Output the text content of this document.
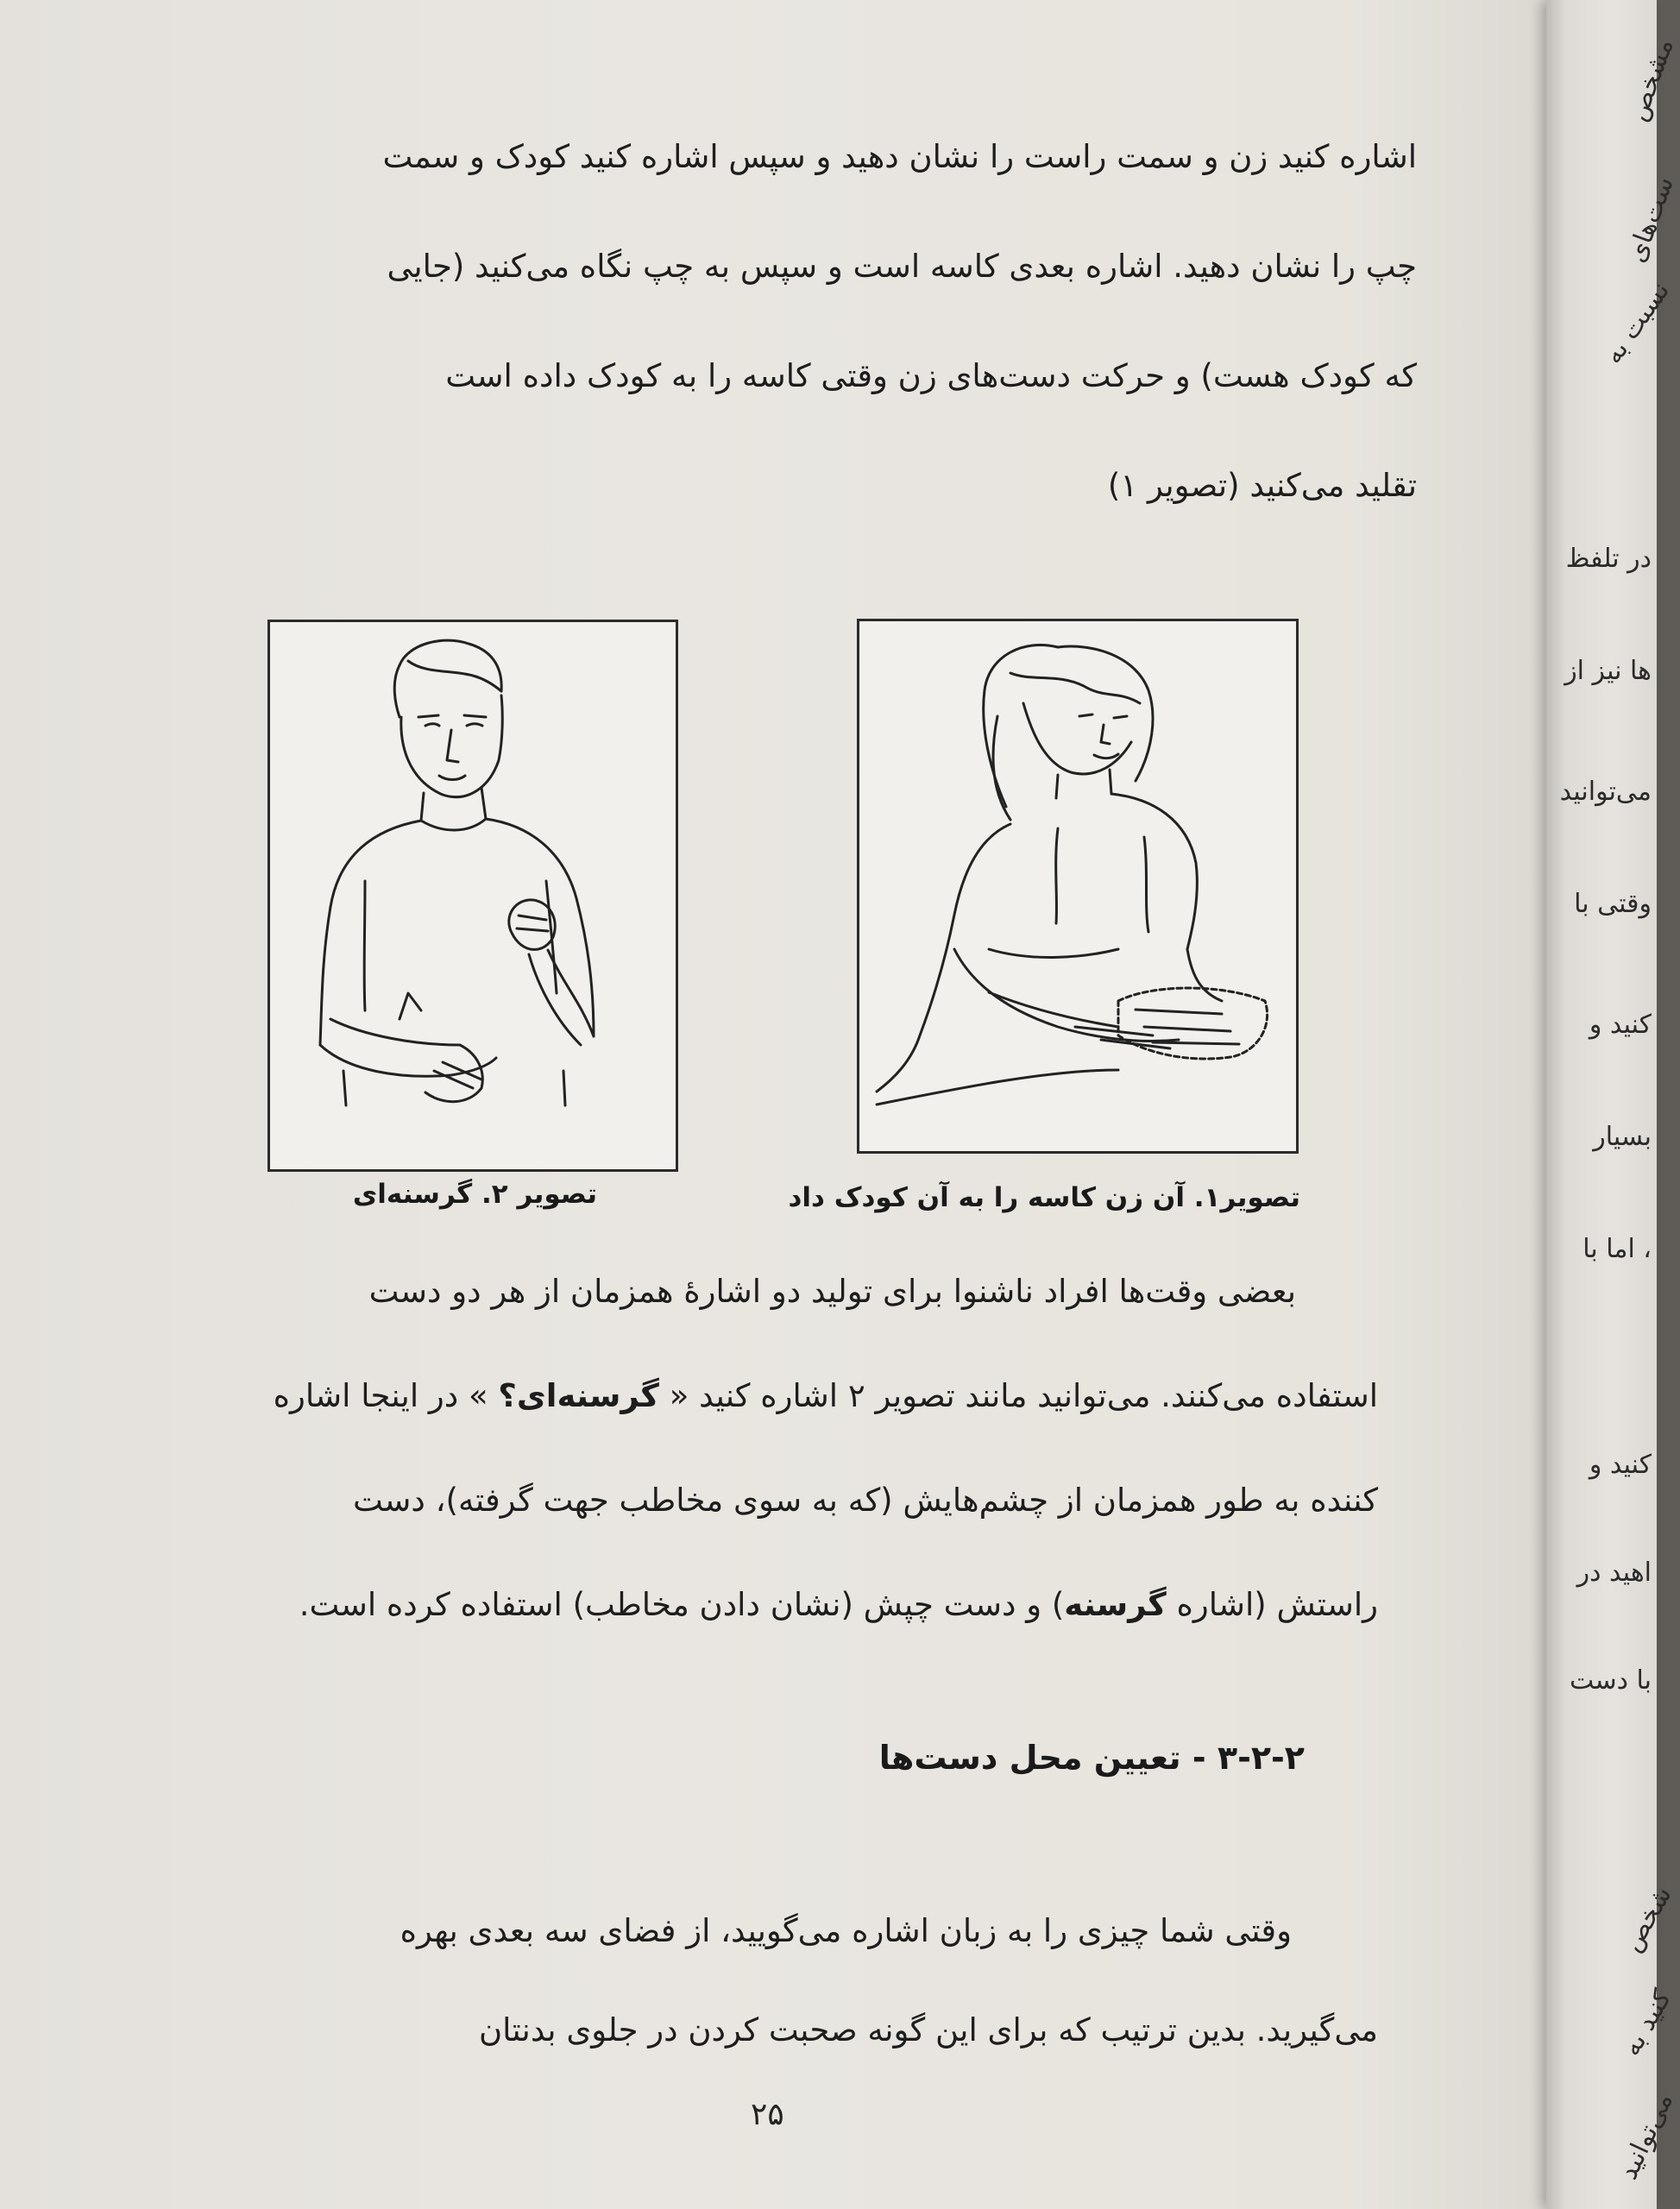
اشاره کنید زن و سمت راست را نشان دهید و سپس اشاره کنید کودک و سمت
چپ را نشان دهید. اشاره بعدی کاسه است و سپس به چپ نگاه می‌کنید (جایی
که کودک هست) و حرکت دست‌های زن وقتی کاسه را به کودک داده است
تقلید می‌کنید (تصویر ۱)
تصویر۱. آن زن کاسه را به آن کودک داد
تصویر ۲. گرسنه‌ای
بعضی وقت‌ها افراد ناشنوا برای تولید دو اشارهٔ همزمان از هر دو دست
استفاده می‌کنند. می‌توانید مانند تصویر ۲ اشاره کنید « گرسنه‌ای؟ » در اینجا اشاره
کننده به طور همزمان از چشم‌هایش (که به سوی مخاطب جهت گرفته)، دست
راستش (اشاره گرسنه) و دست چپش (نشان دادن مخاطب) استفاده کرده است.
۳-۲-۲ - تعیین محل دست‌ها
وقتی شما چیزی را به زبان اشاره می‌گویید، از فضای سه بعدی بهره
می‌گیرید. بدین ترتیب که برای این گونه صحبت کردن در جلوی بدنتان
۲۵
مشخص
ست‌های
نسبت به
در تلفظ
ها نیز از
می‌توانید
وقتی با
کنید و
بسیار
، اما با
کنید و
اهید در
با دست
شخص
کنید به
می‌توانید
